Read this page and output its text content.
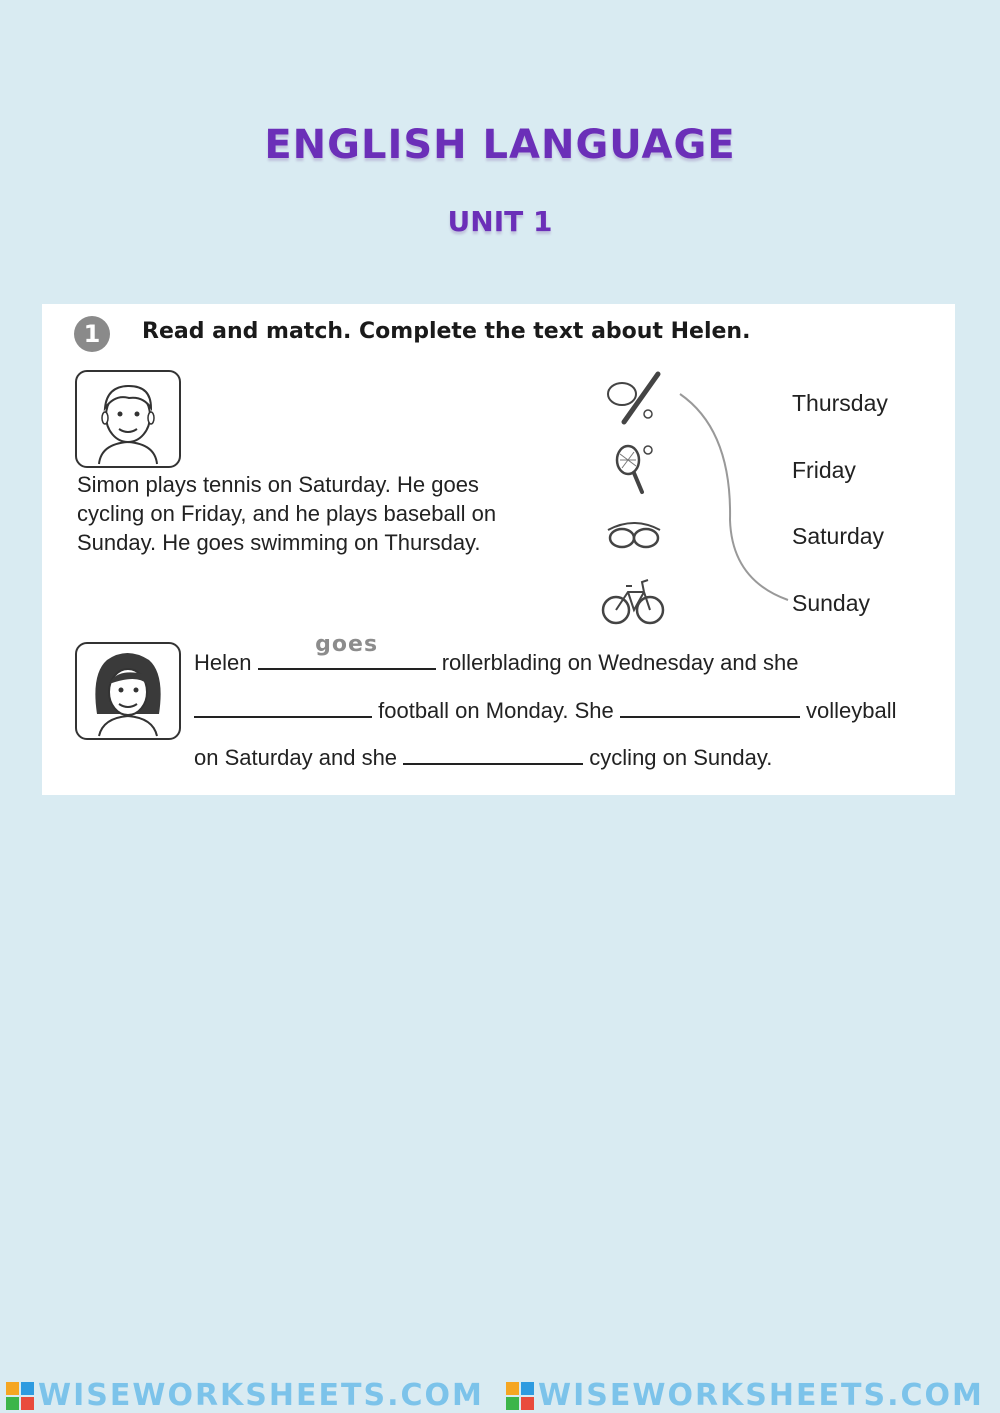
ENGLISH LANGUAGE
UNIT 1
1	Read and match. Complete the text about Helen.
Simon plays tennis on Saturday. He goes cycling on Friday, and he plays baseball on Sunday. He goes swimming on Thursday.
Thursday
Friday
Saturday
Sunday
Helen
goes
rollerblading on Wednesday and she
football on Monday. She	volleyball
on Saturday and she	cycling on Sunday.
WISEWORKSHEETS.COM WISEWORKSHEETS.COM
